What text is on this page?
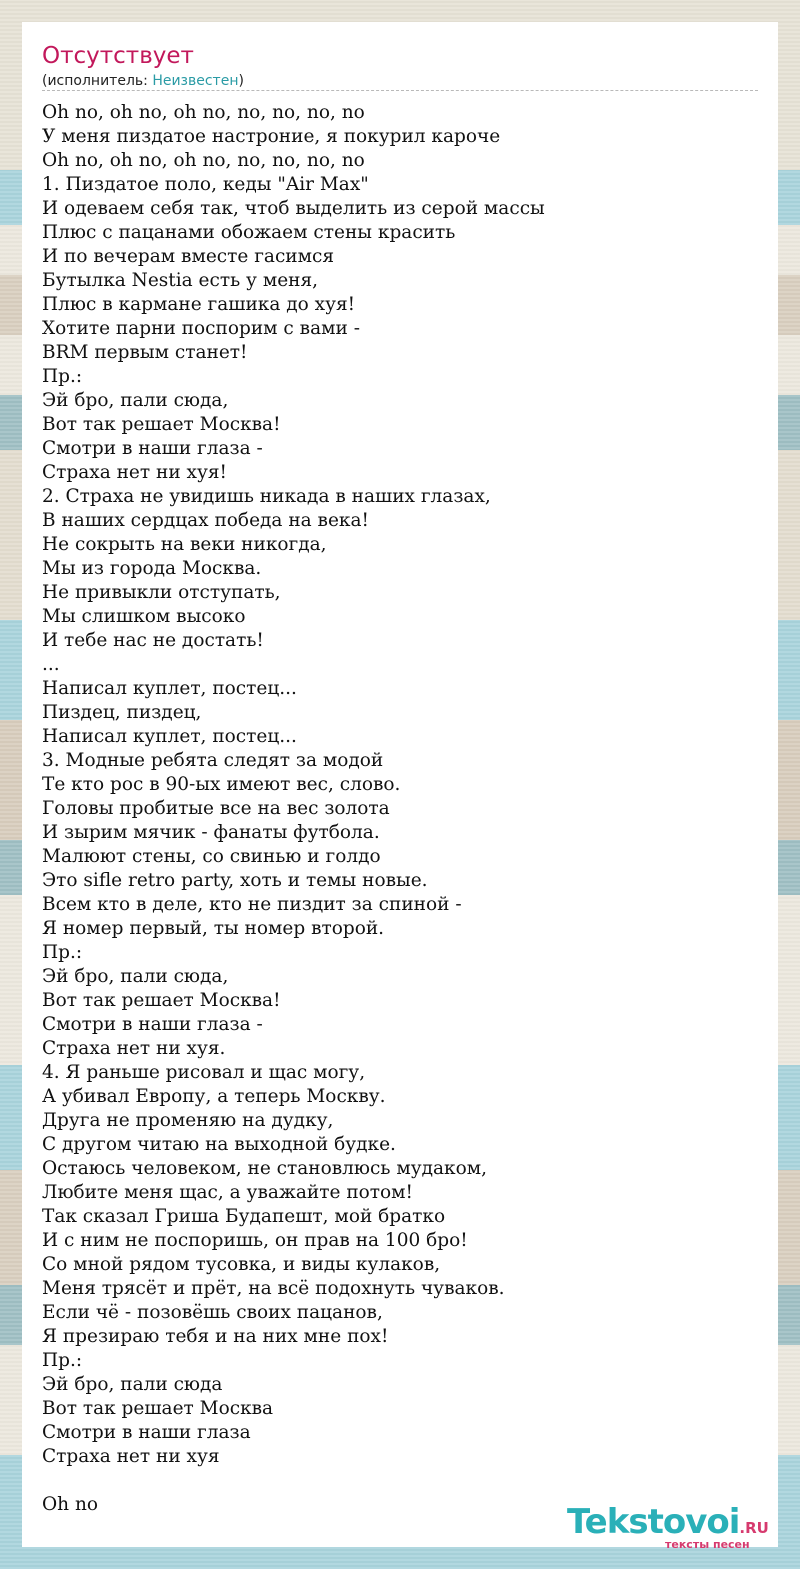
Отсутствует
(исполнитель: Неизвестен)
Oh no, oh no, oh no, no, no, no, no
У меня пиздатое настроние, я покурил кароче
Oh no, oh no, oh no, no, no, no, no
1. Пиздатое поло, кеды "Air Max"
И одеваем себя так, чтоб выделить из серой массы
Плюс с пацанами обожаем стены красить
И по вечерам вместе гасимся
Бутылка Nestia есть у меня,
Плюс в кармане гашика до хуя!
Хотите парни поспорим с вами -
BRM первым станет!
Пр.:
Эй бро, пали сюда,
Вот так решает Москва!
Смотри в наши глаза -
Страха нет ни хуя!
2. Страха не увидишь никада в наших глазах,
В наших сердцах победа на века!
Не сокрыть на веки никогда,
Мы из города Москва.
Не привыкли отступать,
Мы слишком высоко
И тебе нас не достать!
...
Написал куплет, постец...
Пиздец, пиздец,
Написал куплет, постец...
3. Модные ребята следят за модой
Те кто рос в 90-ых имеют вес, слово.
Головы пробитые все на вес золота
И зырим мячик - фанаты футбола.
Малюют стены, со свинью и голдо
Это sifle retro party, хоть и темы новые.
Всем кто в деле, кто не пиздит за спиной -
Я номер первый, ты номер второй.
Пр.:
Эй бро, пали сюда,
Вот так решает Москва!
Смотри в наши глаза -
Страха нет ни хуя.
4. Я раньше рисовал и щас могу,
А убивал Европу, а теперь Москву.
Друга не променяю на дудку,
С другом читаю на выходной будке.
Остаюсь человеком, не становлюсь мудаком,
Любите меня щас, а уважайте потом!
Так сказал Гриша Будапешт, мой братко
И с ним не поспоришь, он прав на 100 бро!
Со мной рядом тусовка, и виды кулаков,
Меня трясёт и прёт, на всё подохнуть чуваков.
Если чё - позовёшь своих пацанов,
Я презираю тебя и на них мне пох!
Пр.:
Эй бро, пали сюда
Вот так решает Москва
Смотри в наши глаза
Страха нет ни хуя
Oh no	Tekstovoi.RU
тексты песен
